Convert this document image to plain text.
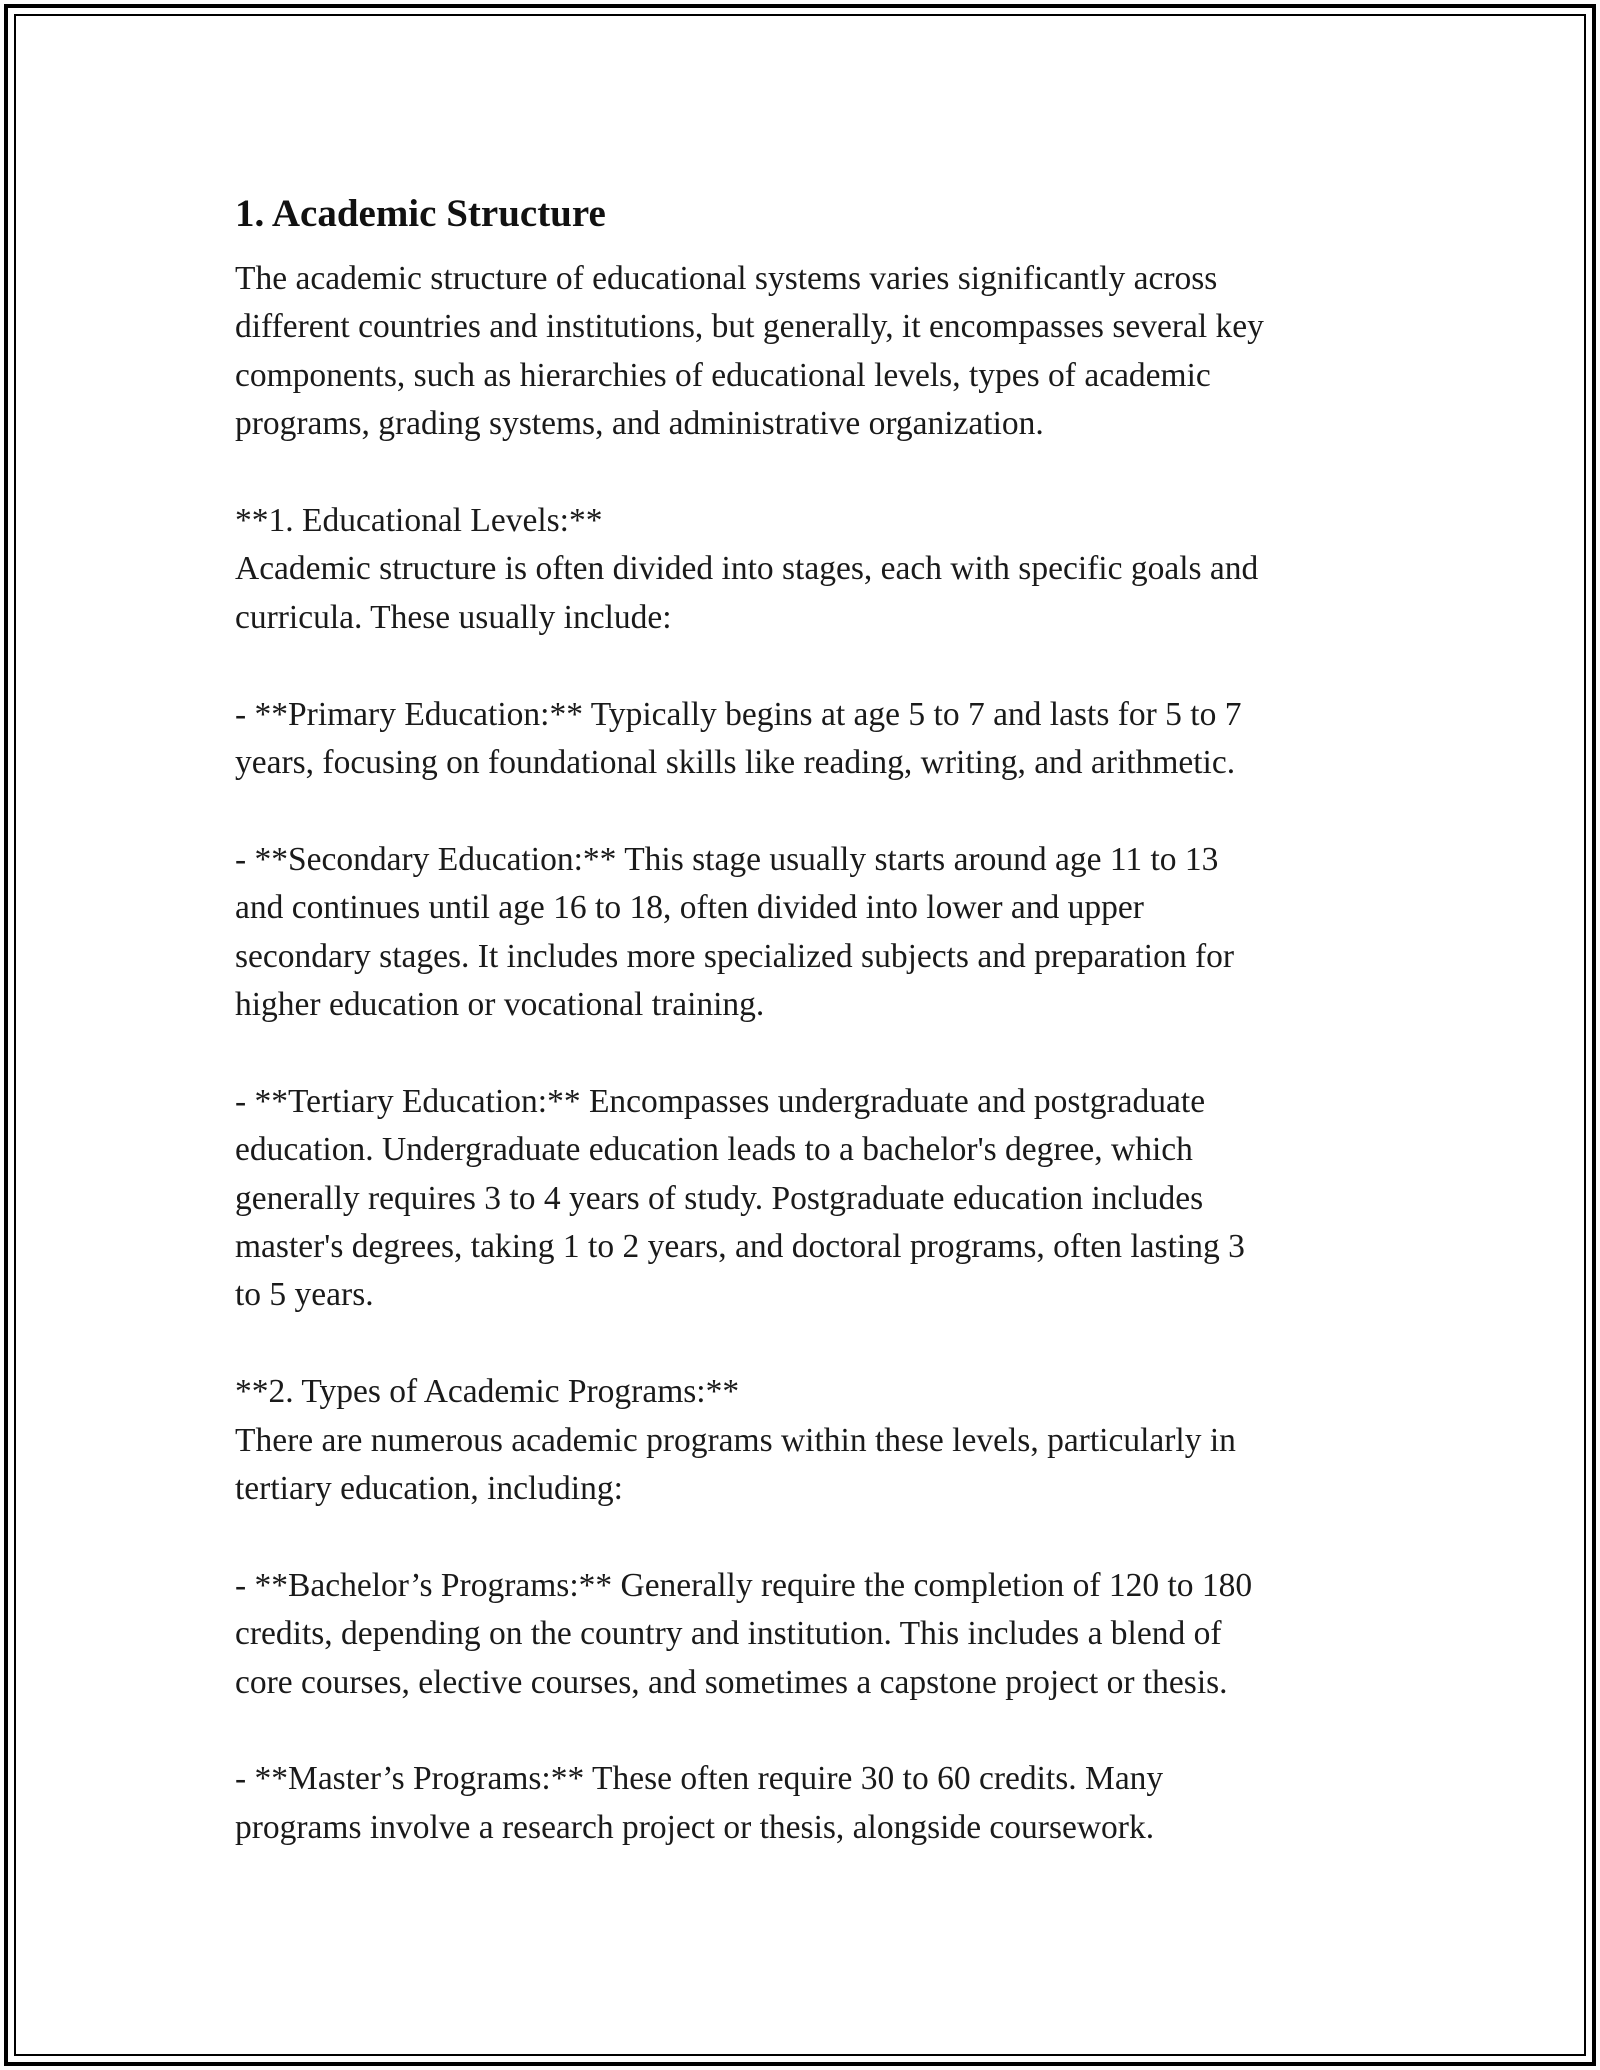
1. Academic Structure
The academic structure of educational systems varies significantly across
different countries and institutions, but generally, it encompasses several key
components, such as hierarchies of educational levels, types of academic
programs, grading systems, and administrative organization.
**1. Educational Levels:**
Academic structure is often divided into stages, each with specific goals and
curricula. These usually include:
- **Primary Education:** Typically begins at age 5 to 7 and lasts for 5 to 7
years, focusing on foundational skills like reading, writing, and arithmetic.
- **Secondary Education:** This stage usually starts around age 11 to 13
and continues until age 16 to 18, often divided into lower and upper
secondary stages. It includes more specialized subjects and preparation for
higher education or vocational training.
- **Tertiary Education:** Encompasses undergraduate and postgraduate
education. Undergraduate education leads to a bachelor's degree, which
generally requires 3 to 4 years of study. Postgraduate education includes
master's degrees, taking 1 to 2 years, and doctoral programs, often lasting 3
to 5 years.
**2. Types of Academic Programs:**
There are numerous academic programs within these levels, particularly in
tertiary education, including:
- **Bachelor’s Programs:** Generally require the completion of 120 to 180
credits, depending on the country and institution. This includes a blend of
core courses, elective courses, and sometimes a capstone project or thesis.
- **Master’s Programs:** These often require 30 to 60 credits. Many
programs involve a research project or thesis, alongside coursework.
